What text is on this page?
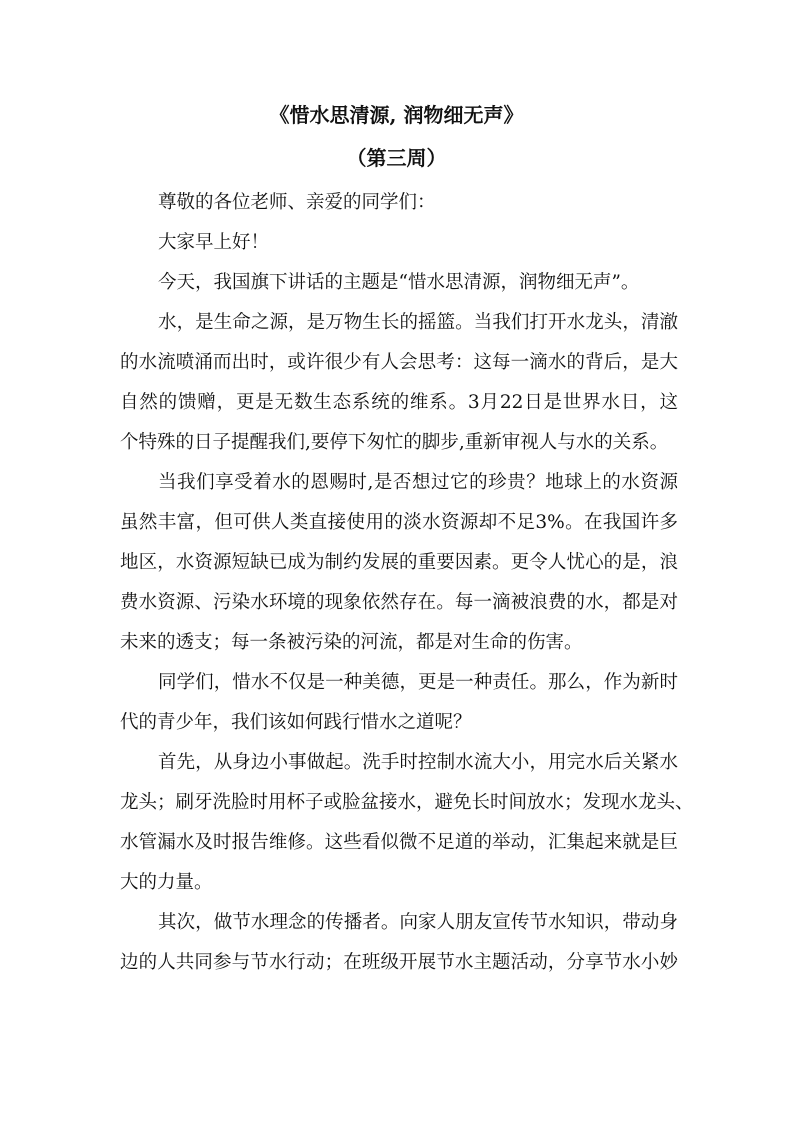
《惜水思清源, 润物细无声》
（第三周）
尊敬的各位老师、亲爱的同学们：
大家早上好！
今天，我国旗下讲话的主题是“惜水思清源，润物细无声”。
水，是生命之源，是万物生长的摇篮。当我们打开水龙头，清澈
的水流喷涌而出时，或许很少有人会思考：这每一滴水的背后，是大
自然的馈赠，更是无数生态系统的维系。3月22日是世界水日，这
个特殊的日子提醒我们,要停下匆忙的脚步,重新审视人与水的关系。
当我们享受着水的恩赐时,是否想过它的珍贵？地球上的水资源
虽然丰富，但可供人类直接使用的淡水资源却不足3%。在我国许多
地区，水资源短缺已成为制约发展的重要因素。更令人忧心的是，浪
费水资源、污染水环境的现象依然存在。每一滴被浪费的水，都是对
未来的透支；每一条被污染的河流，都是对生命的伤害。
同学们，惜水不仅是一种美德，更是一种责任。那么，作为新时
代的青少年，我们该如何践行惜水之道呢？
首先，从身边小事做起。洗手时控制水流大小，用完水后关紧水
龙头；刷牙洗脸时用杯子或脸盆接水，避免长时间放水；发现水龙头、
水管漏水及时报告维修。这些看似微不足道的举动，汇集起来就是巨
大的力量。
其次，做节水理念的传播者。向家人朋友宣传节水知识，带动身
边的人共同参与节水行动；在班级开展节水主题活动，分享节水小妙
